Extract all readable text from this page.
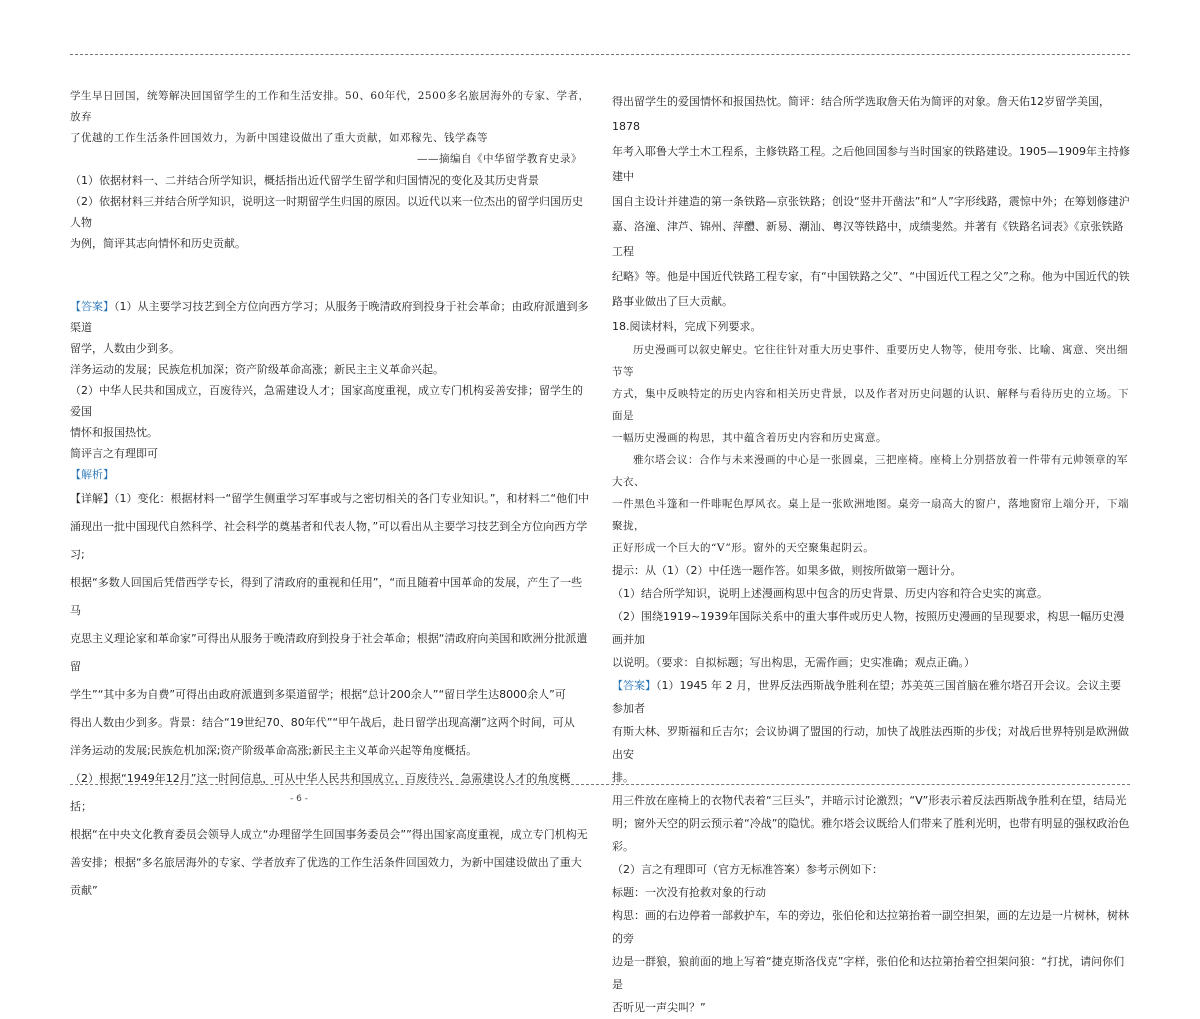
学生早日回国，统筹解决回国留学生的工作和生活安排。50、60年代，2500多名旅居海外的专家、学者，放弃

了优越的工作生活条件回国效力，为新中国建设做出了重大贡献，如邓稼先、钱学森等

——摘编自《中华留学教育史录》

（1）依据材料一、二并结合所学知识，概括指出近代留学生留学和归国情况的变化及其历史背景

（2）依据材料三并结合所学知识，说明这一时期留学生归国的原因。以近代以来一位杰出的留学归国历史人物

为例，简评其志向情怀和历史贡献。

【答案】（1）从主要学习技艺到全方位向西方学习；从服务于晚清政府到投身于社会革命；由政府派遣到多渠道

留学，人数由少到多。

洋务运动的发展；民族危机加深；资产阶级革命高涨；新民主主义革命兴起。

（2）中华人民共和国成立，百废待兴，急需建设人才；国家高度重视，成立专门机构妥善安排；留学生的爱国

情怀和报国热忱。

简评言之有理即可

【解析】

【详解】（1）变化：根据材料一“留学生侧重学习军事或与之密切相关的各门专业知识。”，和材料二“他们中

涌现出一批中国现代自然科学、社会科学的奠基者和代表人物，”可以看出从主要学习技艺到全方位向西方学习;

根据“多数人回国后凭借西学专长，得到了清政府的重视和任用”，“而且随着中国革命的发展，产生了一些马

克思主义理论家和革命家”可得出从服务于晚清政府到投身于社会革命；根据“清政府向美国和欧洲分批派遣留

学生”“其中多为自费”可得出由政府派遣到多渠道留学；根据“总计200余人”“留日学生达8000余人”可

得出人数由少到多。背景：结合“19世纪70、80年代”“甲午战后，赴日留学出现高潮”这两个时间，可从

洋务运动的发展;民族危机加深;资产阶级革命高涨;新民主主义革命兴起等角度概括。

（2）根据“1949年12月”这一时间信息，可从中华人民共和国成立，百废待兴，急需建设人才的角度概括；

根据“在中央文化教育委员会领导人成立“办理留学生回国事务委员会””得出国家高度重视，成立专门机构无

善安排；根据“多名旅居海外的专家、学者放弃了优选的工作生活条件回国效力，为新中国建设做出了重大贡献”

得出留学生的爱国情怀和报国热忱。简评：结合所学选取詹天佑为简评的对象。詹天佑12岁留学美国，1878

年考入耶鲁大学土木工程系，主修铁路工程。之后他回国参与当时国家的铁路建设。1905—1909年主持修建中

国自主设计并建造的第一条铁路—京张铁路；创设“竖井开凿法”和“人”字形线路，震惊中外；在筹划修建沪

嘉、洛潼、津芦、锦州、萍醴、新易、潮汕、粤汉等铁路中，成绩斐然。并著有《铁路名词表》《京张铁路工程

纪略》等。他是中国近代铁路工程专家，有“中国铁路之父”、“中国近代工程之父”之称。他为中国近代的铁

路事业做出了巨大贡献。

18.阅读材料，完成下列要求。

历史漫画可以叙史解史。它往往针对重大历史事件、重要历史人物等，使用夸张、比喻、寓意、突出细节等

方式，集中反映特定的历史内容和相关历史背景，以及作者对历史问题的认识、解释与看待历史的立场。下面是

一幅历史漫画的构思，其中蕴含着历史内容和历史寓意。

雅尔塔会议：合作与未来漫画的中心是一张圆桌，三把座椅。座椅上分别搭放着一件带有元帅领章的军大衣、

一件黑色斗篷和一件啡呢色厚风衣。桌上是一张欧洲地图。桌旁一扇高大的窗户，落地窗帘上端分开，下端聚拢，

正好形成一个巨大的“V”形。窗外的天空聚集起阴云。

提示：从（1）（2）中任选一题作答。如果多做，则按所做第一题计分。

（1）结合所学知识，说明上述漫画构思中包含的历史背景、历史内容和符合史实的寓意。

（2）围绕1919~1939年国际关系中的重大事件或历史人物，按照历史漫画的呈现要求，构思一幅历史漫画并加

以说明。（要求：自拟标题；写出构思，无需作画；史实准确；观点正确。）

【答案】（1）1945 年 2 月，世界反法西斯战争胜利在望；苏美英三国首脑在雅尔塔召开会议。会议主要参加者

有斯大林、罗斯福和丘吉尔；会议协调了盟国的行动，加快了战胜法西斯的步伐；对战后世界特别是欧洲做出安

排。

用三件放在座椅上的衣物代表着“三巨头”，并暗示讨论激烈；“V”形表示着反法西斯战争胜利在望，结局光

明；窗外天空的阴云预示着“冷战”的隐忧。雅尔塔会议既给人们带来了胜利光明，也带有明显的强权政治色彩。

（2）言之有理即可（官方无标准答案）参考示例如下：

标题：一次没有抢救对象的行动

构思：画的右边停着一部救护车，车的旁边，张伯伦和达拉第抬着一副空担架，画的左边是一片树林，树林的旁

边是一群狼，狼前面的地上写着“捷克斯洛伐克”字样，张伯伦和达拉第抬着空担架问狼：“打扰，请问你们是

否听见一声尖叫？”

- 6 -
